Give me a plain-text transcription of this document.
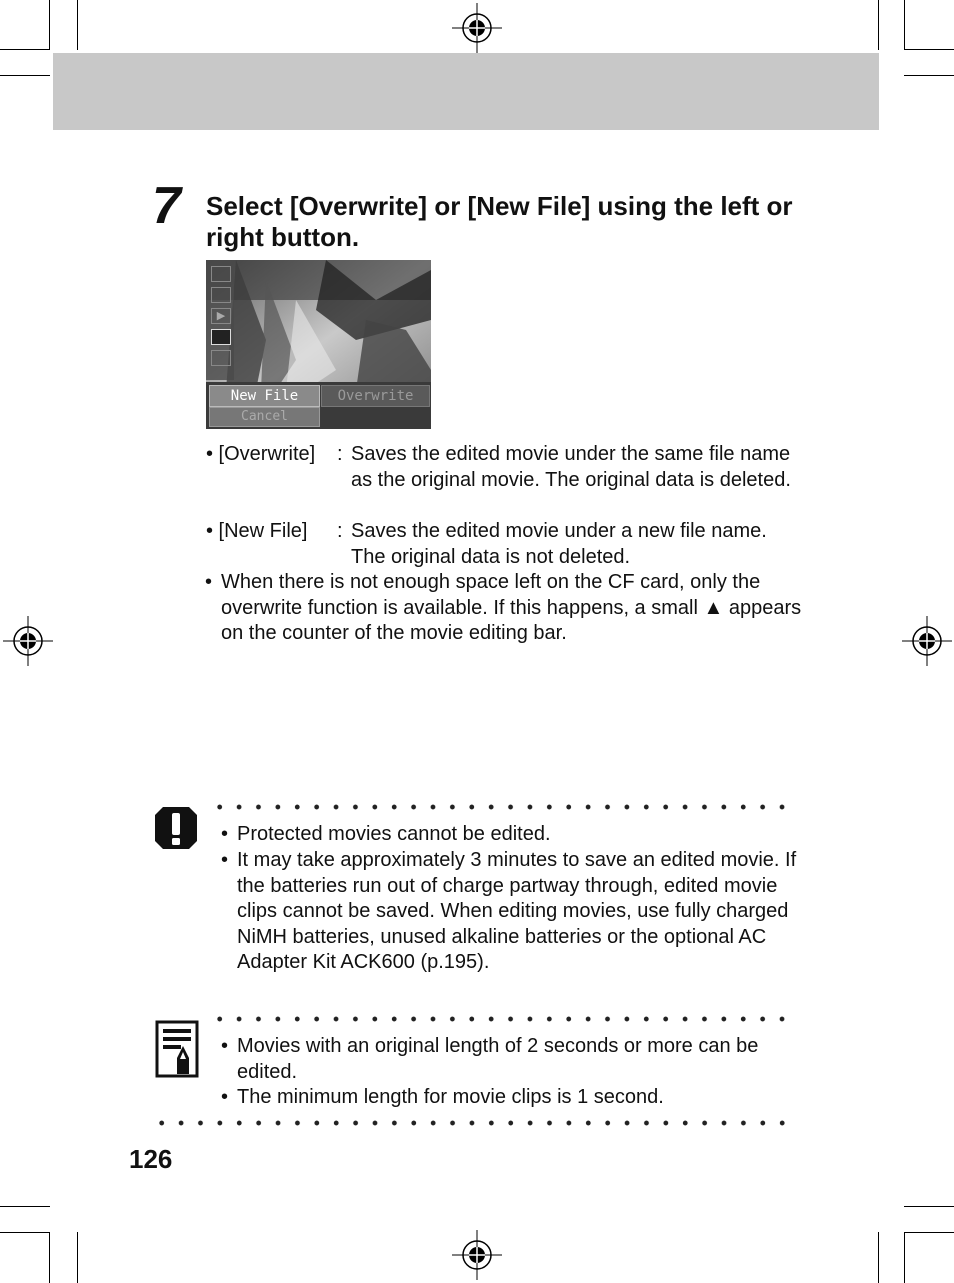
7 Select [Overwrite] or [New File] using the left or right button.
▶
New File	Overwrite
Cancel
• [Overwrite] : Saves the edited movie under the same file name as the original movie. The original data is deleted.
• [New File] : Saves the edited movie under a new file name. The original data is not deleted.
• When there is not enough space left on the CF card, only the overwrite function is available. If this happens, a small ▲ appears on the counter of the movie editing bar.
• Protected movies cannot be edited.
• It may take approximately 3 minutes to save an edited movie. If the batteries run out of charge partway through, edited movie clips cannot be saved. When editing movies, use fully charged NiMH batteries, unused alkaline batteries or the optional AC Adapter Kit ACK600 (p.195).
• Movies with an original length of 2 seconds or more can be edited.
• The minimum length for movie clips is 1 second.
126
